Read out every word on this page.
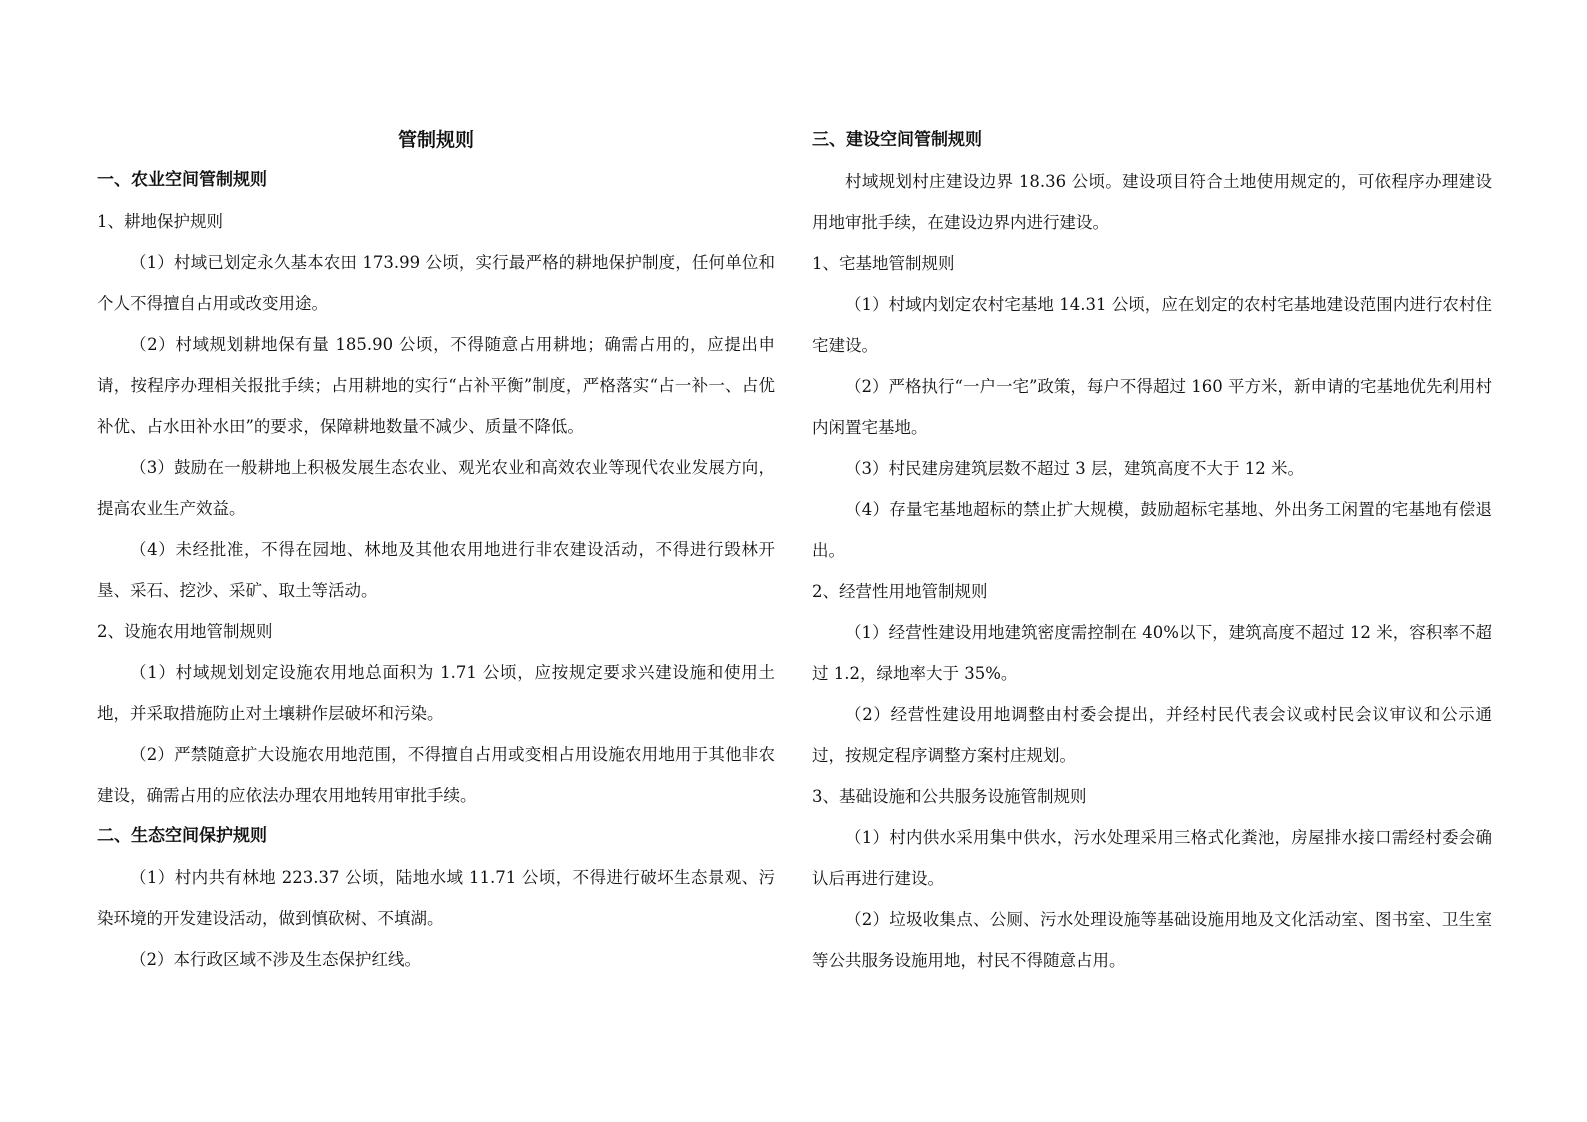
管制规则
一、农业空间管制规则

1、耕地保护规则

（1）村域已划定永久基本农田 173.99 公顷，实行最严格的耕地保护制度，任何单位和个人不得擅自占用或改变用途。

（2）村域规划耕地保有量 185.90 公顷，不得随意占用耕地；确需占用的，应提出申请，按程序办理相关报批手续；占用耕地的实行“占补平衡”制度，严格落实“占一补一、占优补优、占水田补水田”的要求，保障耕地数量不减少、质量不降低。

（3）鼓励在一般耕地上积极发展生态农业、观光农业和高效农业等现代农业发展方向，提高农业生产效益。

（4）未经批准，不得在园地、林地及其他农用地进行非农建设活动，不得进行毁林开垦、采石、挖沙、采矿、取土等活动。

2、设施农用地管制规则

（1）村域规划划定设施农用地总面积为 1.71 公顷，应按规定要求兴建设施和使用土地，并采取措施防止对土壤耕作层破坏和污染。

（2）严禁随意扩大设施农用地范围，不得擅自占用或变相占用设施农用地用于其他非农建设，确需占用的应依法办理农用地转用审批手续。

二、生态空间保护规则

（1）村内共有林地 223.37 公顷，陆地水域 11.71 公顷，不得进行破坏生态景观、污染环境的开发建设活动，做到慎砍树、不填湖。

（2）本行政区域不涉及生态保护红线。

三、建设空间管制规则

村域规划村庄建设边界 18.36 公顷。建设项目符合土地使用规定的，可依程序办理建设用地审批手续，在建设边界内进行建设。

1、宅基地管制规则

（1）村域内划定农村宅基地 14.31 公顷，应在划定的农村宅基地建设范围内进行农村住宅建设。

（2）严格执行“一户一宅”政策，每户不得超过 160 平方米，新申请的宅基地优先利用村内闲置宅基地。

（3）村民建房建筑层数不超过 3 层，建筑高度不大于 12 米。

（4）存量宅基地超标的禁止扩大规模，鼓励超标宅基地、外出务工闲置的宅基地有偿退出。

2、经营性用地管制规则

（1）经营性建设用地建筑密度需控制在 40%以下，建筑高度不超过 12 米，容积率不超过 1.2，绿地率大于 35%。

（2）经营性建设用地调整由村委会提出，并经村民代表会议或村民会议审议和公示通过，按规定程序调整方案村庄规划。

3、基础设施和公共服务设施管制规则

（1）村内供水采用集中供水，污水处理采用三格式化粪池，房屋排水接口需经村委会确认后再进行建设。

（2）垃圾收集点、公厕、污水处理设施等基础设施用地及文化活动室、图书室、卫生室等公共服务设施用地，村民不得随意占用。
